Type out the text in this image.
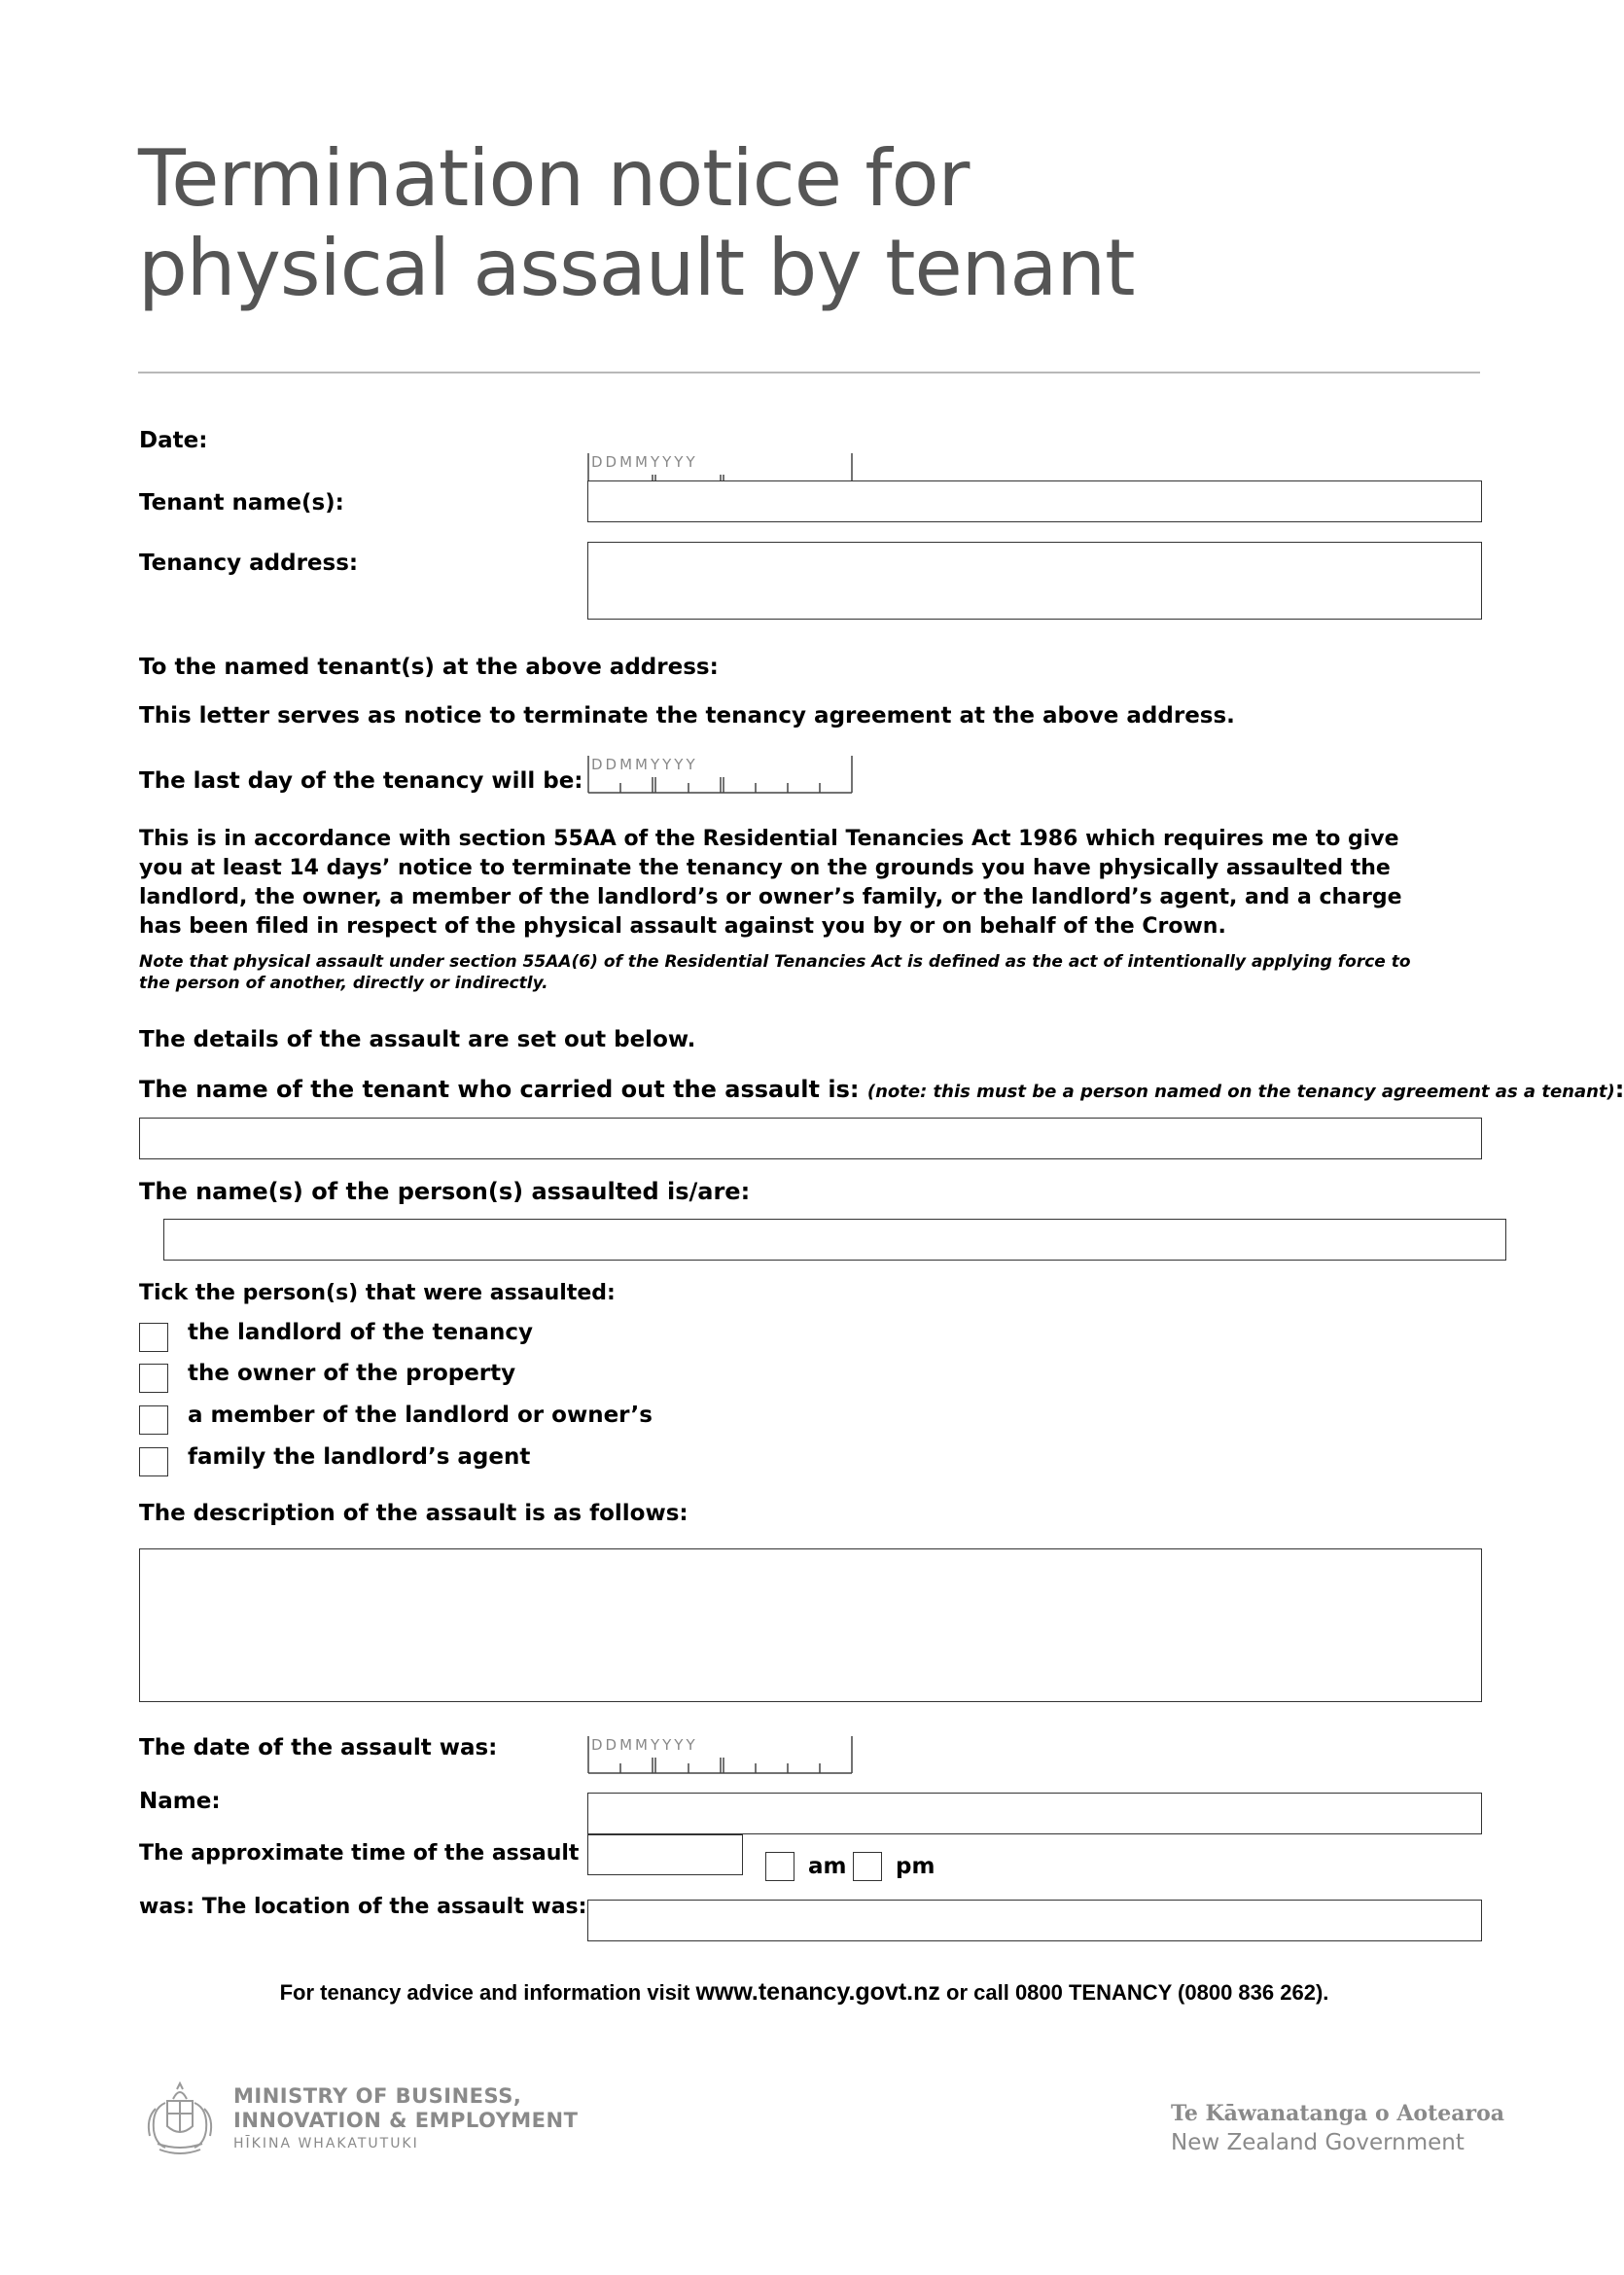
Termination notice for
physical assault by tenant
Date:
DDMMYYYY
Tenant name(s):
Tenancy address:
To the named tenant(s) at the above address:
This letter serves as notice to terminate the tenancy agreement at the above address.
The last day of the tenancy will be:
DDMMYYYY
This is in accordance with section 55AA of the Residential Tenancies Act 1986 which requires me to give you at least 14 days’ notice to terminate the tenancy on the grounds you have physically assaulted the landlord, the owner, a member of the landlord’s or owner’s family, or the landlord’s agent, and a charge has been filed in respect of the physical assault against you by or on behalf of the Crown.
Note that physical assault under section 55AA(6) of the Residential Tenancies Act is defined as the act of intentionally applying force to the person of another, directly or indirectly.
The details of the assault are set out below.
The name of the tenant who carried out the assault is: (note: this must be a person named on the tenancy agreement as a tenant):
The name(s) of the person(s) assaulted is/are:
Tick the person(s) that were assaulted:
the landlord of the tenancy
the owner of the property
a member of the landlord or owner’s
family the landlord’s agent
The description of the assault is as follows:
The date of the assault was:	DDMMYYYY
Name:
The approximate time of the assault
am pm
was: The location of the assault was:
For tenancy advice and information visit www.tenancy.govt.nz or call 0800 TENANCY (0800 836 262).
MINISTRY OF BUSINESS,
INNOVATION & EMPLOYMENT
HĪKINA WHAKATUTUKI
Te Kāwanatanga o Aotearoa
New Zealand Government
